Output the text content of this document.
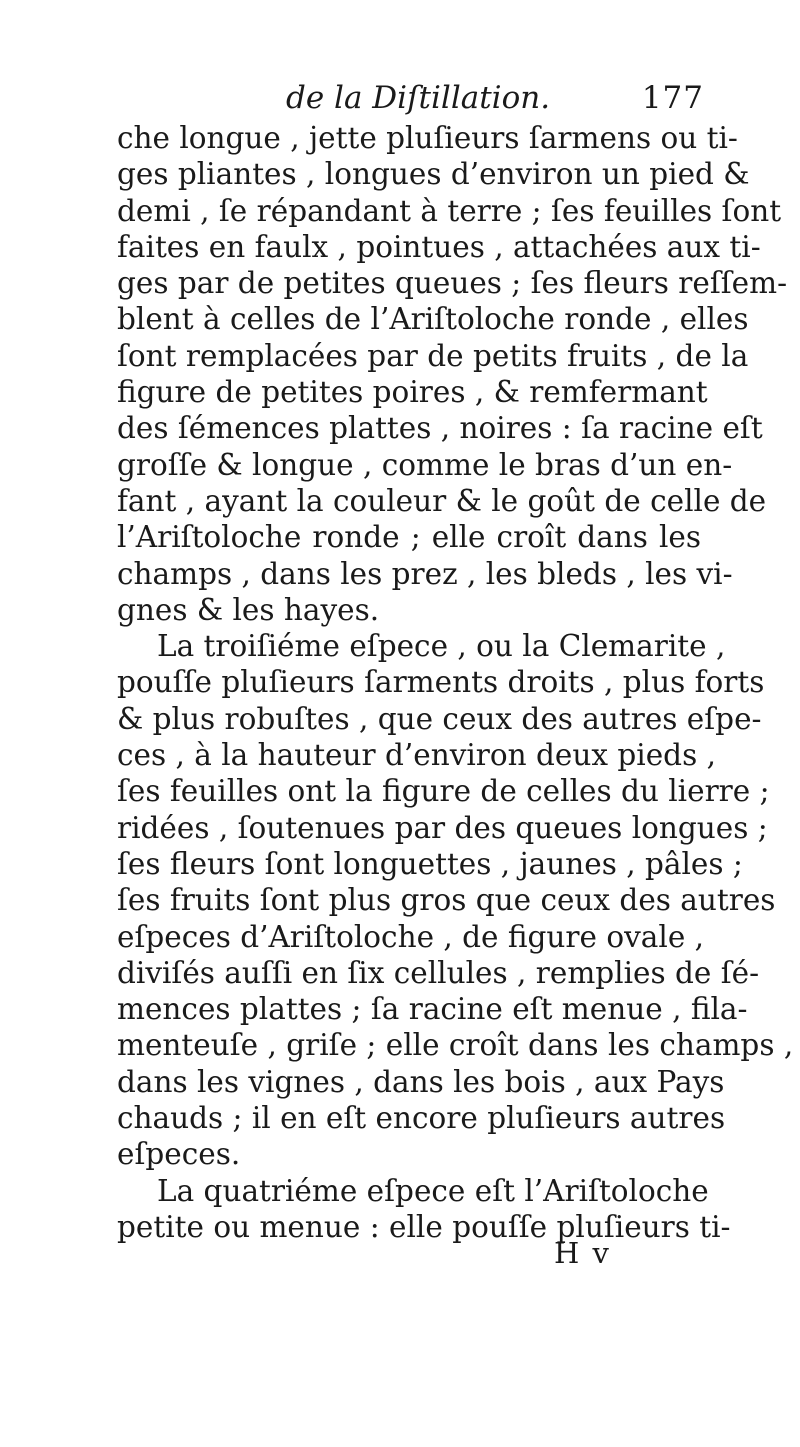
de la Diſtillation.	177
che longue , jette pluſieurs ſarmens ou ti-
ges pliantes , longues d’environ un pied &
demi , ſe répandant à terre ; ſes feuilles ſont
faites en faulx , pointues , attachées aux ti-
ges par de petites queues ; ſes fleurs reſſem-
blent à celles de l’Ariſtoloche ronde , elles
ſont remplacées par de petits fruits , de la
figure de petites poires , & remfermant
des ſémences plattes , noires : ſa racine eſt
groſſe & longue , comme le bras d’un en-
fant , ayant la couleur & le goût de celle de
l’Ariſtoloche ronde ; elle croît dans les
champs , dans les prez , les bleds , les vi-
gnes & les hayes.
La troiſiéme eſpece , ou la Clemarite ,
pouſſe pluſieurs ſarments droits , plus forts
& plus robuſtes , que ceux des autres eſpe-
ces , à la hauteur d’environ deux pieds ,
ſes feuilles ont la figure de celles du lierre ;
ridées , ſoutenues par des queues longues ;
ſes fleurs ſont longuettes , jaunes , pâles ;
ſes fruits ſont plus gros que ceux des autres
eſpeces d’Ariſtoloche , de figure ovale ,
diviſés auſſi en ſix cellules , remplies de ſé-
mences plattes ; ſa racine eſt menue , fila-
menteuſe , griſe ; elle croît dans les champs ,
dans les vignes , dans les bois , aux Pays
chauds ; il en eſt encore pluſieurs autres
eſpeces.
La quatriéme eſpece eſt l’Ariſtoloche
petite ou menue : elle pouſſe pluſieurs ti-
H v
